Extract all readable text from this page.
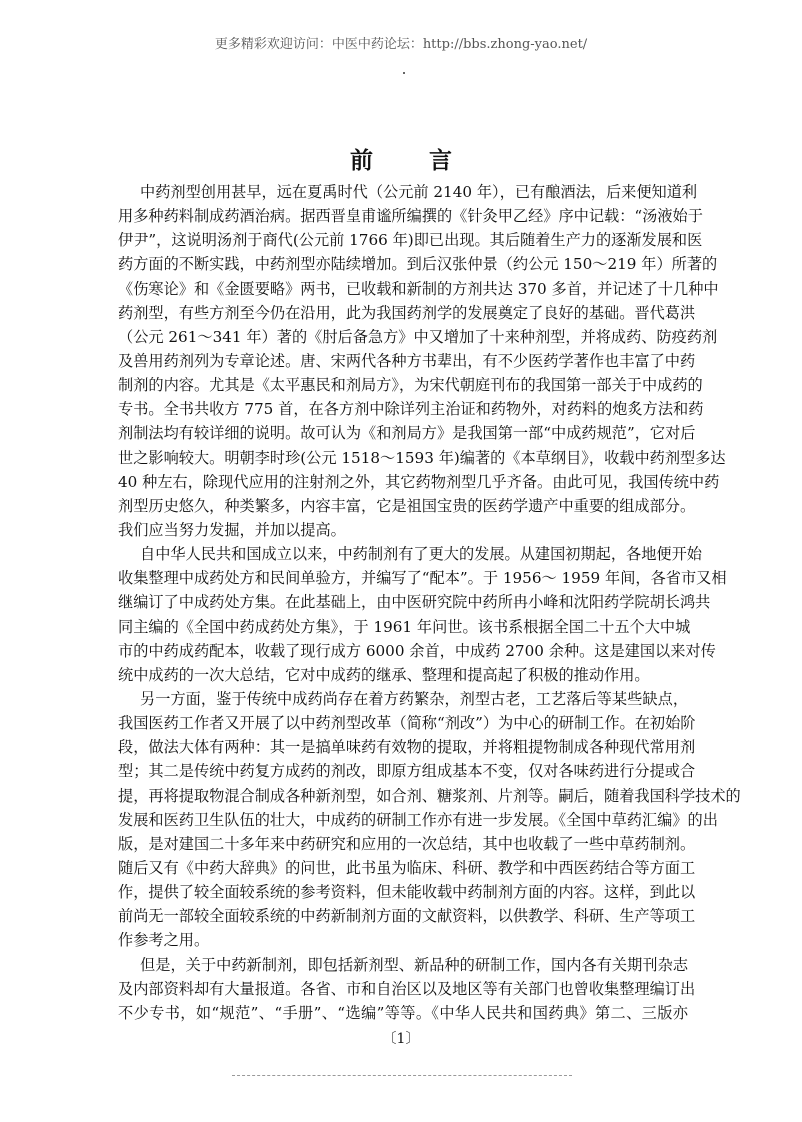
更多精彩欢迎访问：中医中药论坛：http://bbs.zhong-yao.net/
前 言
中药剂型创用甚早，远在夏禹时代（公元前 2140 年），已有酿酒法，后来便知道利
用多种药料制成药酒治病。据西晋皇甫谧所编撰的《针灸甲乙经》序中记载：“汤液始于
伊尹”，这说明汤剂于商代(公元前 1766 年)即已出现。其后随着生产力的逐渐发展和医
药方面的不断实践，中药剂型亦陆续增加。到后汉张仲景（约公元 150～219 年）所著的
《伤寒论》和《金匮要略》两书，已收载和新制的方剂共达 370 多首，并记述了十几种中
药剂型，有些方剂至今仍在沿用，此为我国药剂学的发展奠定了良好的基础。晋代葛洪
（公元 261～341 年）著的《肘后备急方》中又增加了十来种剂型，并将成药、防疫药剂
及兽用药剂列为专章论述。唐、宋两代各种方书辈出，有不少医药学著作也丰富了中药
制剂的内容。尤其是《太平惠民和剂局方》，为宋代朝庭刊布的我国第一部关于中成药的
专书。全书共收方 775 首，在各方剂中除详列主治证和药物外，对药料的炮炙方法和药
剂制法均有较详细的说明。故可认为《和剂局方》是我国第一部“中成药规范”，它对后
世之影响较大。明朝李时珍(公元 1518～1593 年)编著的《本草纲目》，收载中药剂型多达
40 种左右，除现代应用的注射剂之外，其它药物剂型几乎齐备。由此可见，我国传统中药
剂型历史悠久，种类繁多，内容丰富，它是祖国宝贵的医药学遗产中重要的组成部分。
我们应当努力发掘，并加以提高。
自中华人民共和国成立以来，中药制剂有了更大的发展。从建国初期起，各地便开始
收集整理中成药处方和民间单验方，并编写了“配本”。于 1956～ 1959 年间，各省市又相
继编订了中成药处方集。在此基础上，由中医研究院中药所冉小峰和沈阳药学院胡长鸿共
同主编的《全国中药成药处方集》，于 1961 年问世。该书系根据全国二十五个大中城
市的中药成药配本，收载了现行成方 6000 余首，中成药 2700 余种。这是建国以来对传
统中成药的一次大总结，它对中成药的继承、整理和提高起了积极的推动作用。
另一方面，鉴于传统中成药尚存在着方药繁杂，剂型古老，工艺落后等某些缺点，
我国医药工作者又开展了以中药剂型改革（简称“剂改”）为中心的研制工作。在初始阶
段，做法大体有两种：其一是搞单味药有效物的提取，并将粗提物制成各种现代常用剂
型；其二是传统中药复方成药的剂改，即原方组成基本不变，仅对各味药进行分提或合
提，再将提取物混合制成各种新剂型，如合剂、糖浆剂、片剂等。嗣后，随着我国科学技术的
发展和医药卫生队伍的壮大，中成药的研制工作亦有进一步发展。《全国中草药汇编》的出
版，是对建国二十多年来中药研究和应用的一次总结，其中也收载了一些中草药制剂。
随后又有《中药大辞典》的问世，此书虽为临床、科研、教学和中西医药结合等方面工
作，提供了较全面较系统的参考资料，但未能收载中药制剂方面的内容。这样，到此以
前尚无一部较全面较系统的中药新制剂方面的文献资料，以供教学、科研、生产等项工
作参考之用。
但是，关于中药新制剂，即包括新剂型、新品种的研制工作，国内各有关期刊杂志
及内部资料却有大量报道。各省、市和自治区以及地区等有关部门也曾收集整理编订出
不少专书，如“规范”、“手册”、“选编”等等。《中华人民共和国药典》第二、三版亦
〔1〕
